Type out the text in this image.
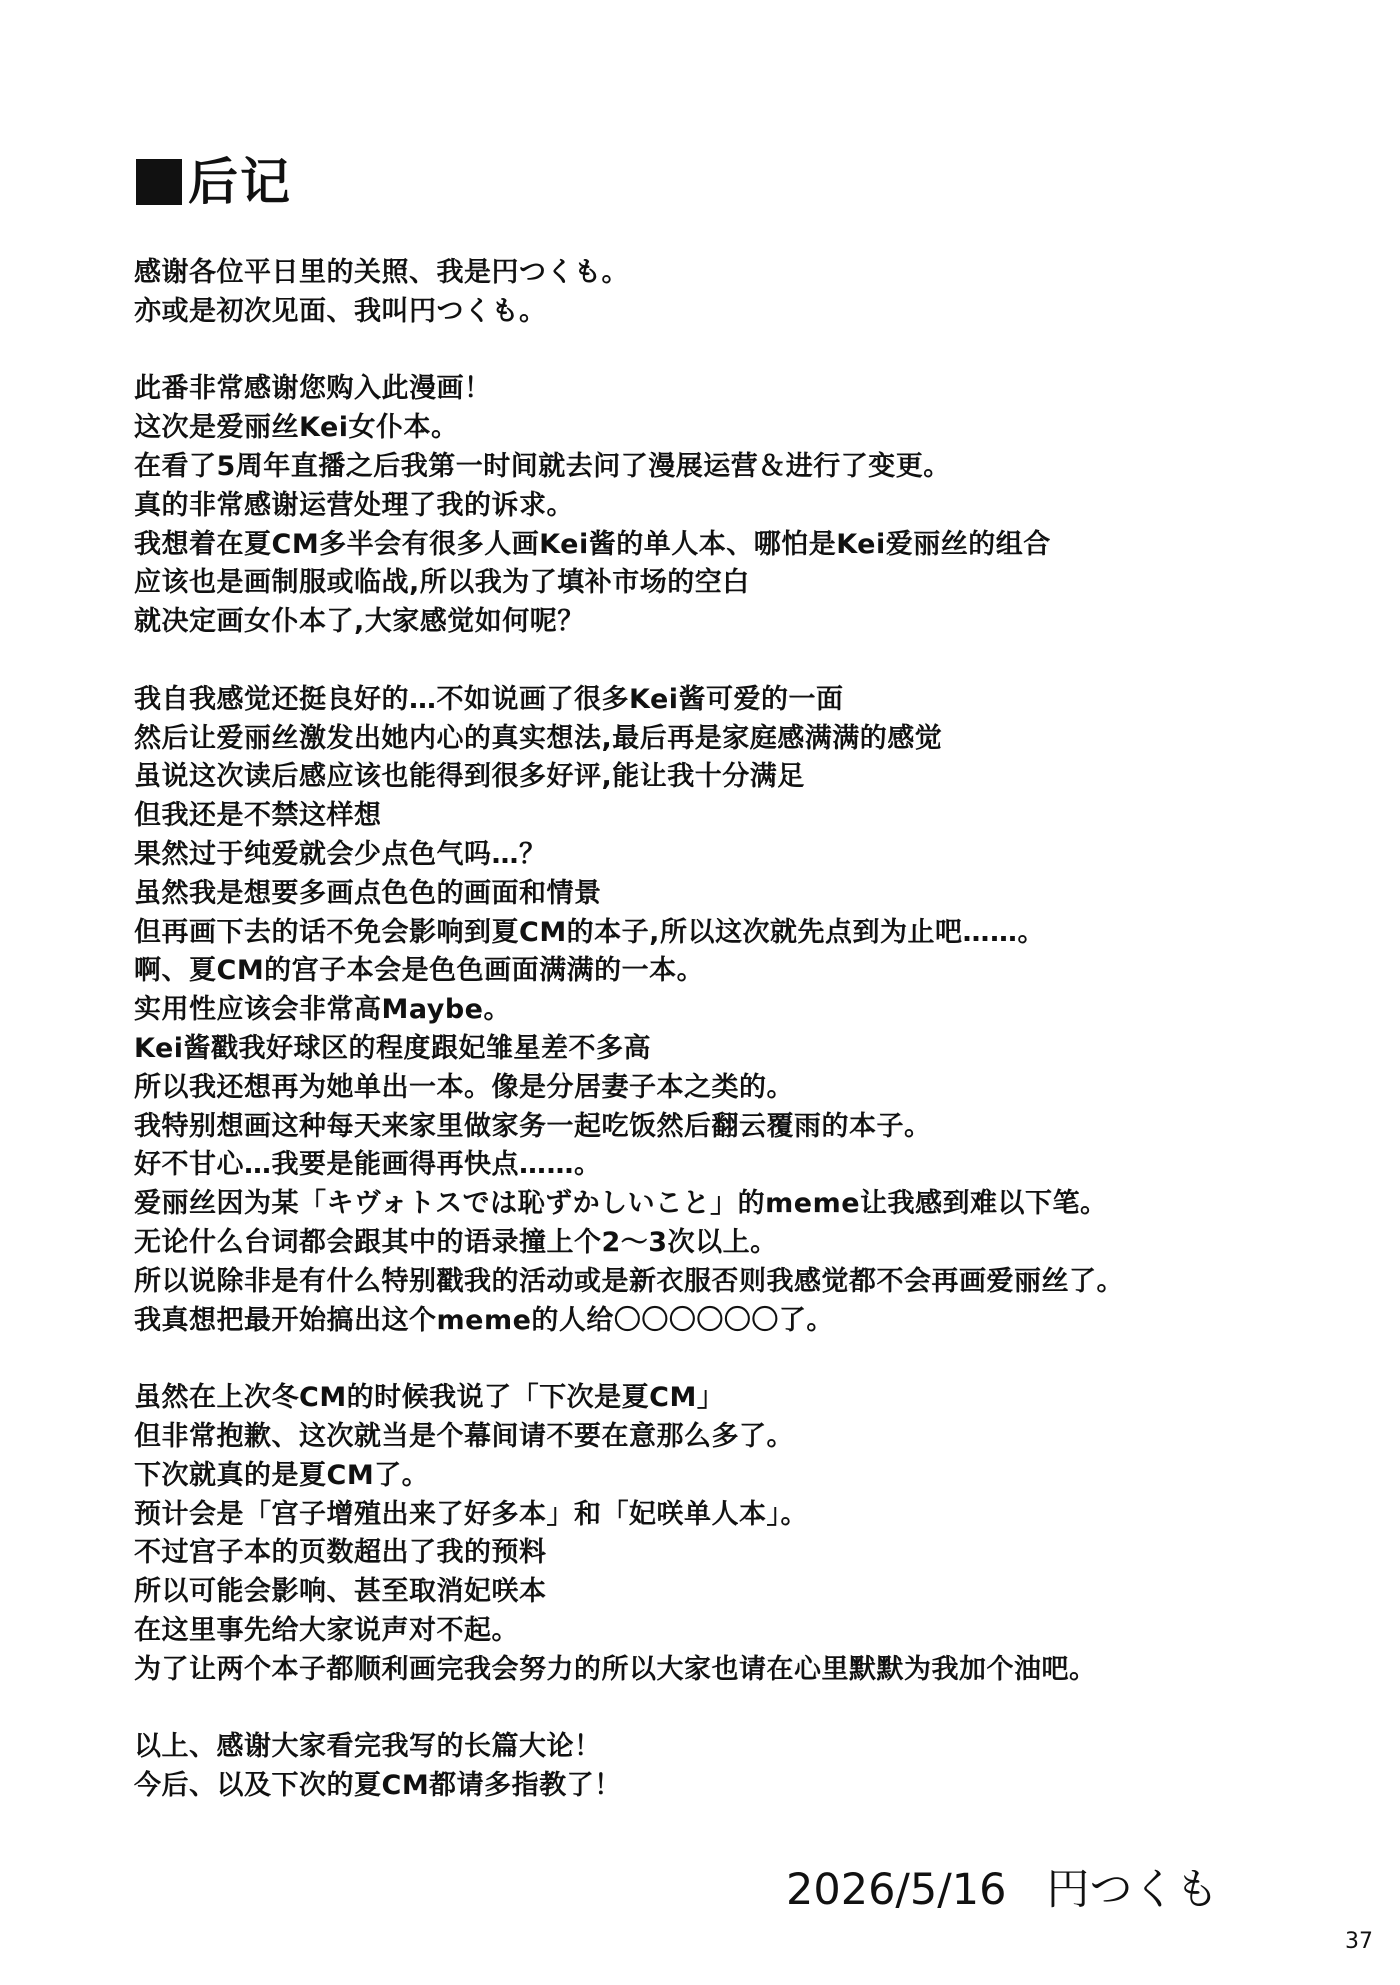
后记
感谢各位平日里的关照、我是円つくも。
亦或是初次见面、我叫円つくも。
此番非常感谢您购入此漫画！
这次是爱丽丝Kei女仆本。
在看了5周年直播之后我第一时间就去问了漫展运营＆进行了变更。
真的非常感谢运营处理了我的诉求。
我想着在夏CM多半会有很多人画Kei酱的单人本、哪怕是Kei爱丽丝的组合
应该也是画制服或临战,所以我为了填补市场的空白
就决定画女仆本了,大家感觉如何呢？
我自我感觉还挺良好的…不如说画了很多Kei酱可爱的一面
然后让爱丽丝激发出她内心的真实想法,最后再是家庭感满满的感觉
虽说这次读后感应该也能得到很多好评,能让我十分满足
但我还是不禁这样想
果然过于纯爱就会少点色气吗…？
虽然我是想要多画点色色的画面和情景
但再画下去的话不免会影响到夏CM的本子,所以这次就先点到为止吧……。
啊、夏CM的宫子本会是色色画面满满的一本。
实用性应该会非常高Maybe。
Kei酱戳我好球区的程度跟妃雏星差不多高
所以我还想再为她单出一本。像是分居妻子本之类的。
我特别想画这种每天来家里做家务一起吃饭然后翻云覆雨的本子。
好不甘心…我要是能画得再快点……。
爱丽丝因为某「キヴォトスでは恥ずかしいこと」的meme让我感到难以下笔。
无论什么台词都会跟其中的语录撞上个2〜3次以上。
所以说除非是有什么特别戳我的活动或是新衣服否则我感觉都不会再画爱丽丝了。
我真想把最开始搞出这个meme的人给〇〇〇〇〇〇了。
虽然在上次冬CM的时候我说了「下次是夏CM」
但非常抱歉、这次就当是个幕间请不要在意那么多了。
下次就真的是夏CM了。
预计会是「宫子增殖出来了好多本」和「妃咲单人本」。
不过宫子本的页数超出了我的预料
所以可能会影响、甚至取消妃咲本
在这里事先给大家说声对不起。
为了让两个本子都顺利画完我会努力的所以大家也请在心里默默为我加个油吧。
以上、感谢大家看完我写的长篇大论！
今后、以及下次的夏CM都请多指教了！
2026/5/16 円つくも
37
